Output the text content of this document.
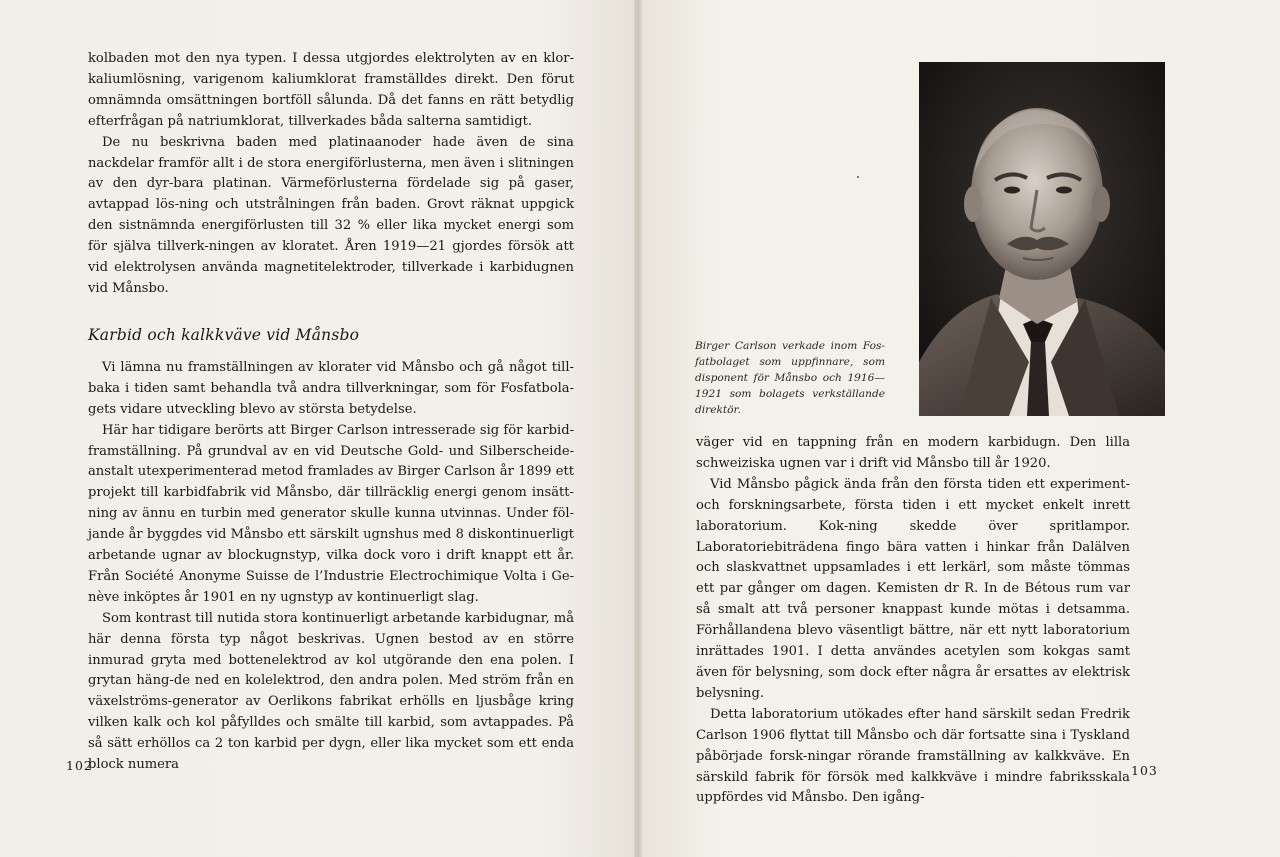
kolbaden mot den nya typen. I dessa utgjordes elektrolyten av en klor-kaliumlösning, varigenom kaliumklorat framställdes direkt. Den förut omnämnda omsättningen bortföll sålunda. Då det fanns en rätt betydlig efterfrågan på natriumklorat, tillverkades båda salterna samtidigt.

De nu beskrivna baden med platinaanoder hade även de sina nackdelar framför allt i de stora energiförlusterna, men även i slitningen av den dyr-bara platinan. Värmeförlusterna fördelade sig på gaser, avtappad lös-ning och utstrålningen från baden. Grovt räknat uppgick den sistnämnda energiförlusten till 32 % eller lika mycket energi som för själva tillverk-ningen av kloratet. Åren 1919—21 gjordes försök att vid elektrolysen använda magnetitelektroder, tillverkade i karbidugnen vid Månsbo.

Karbid och kalkkväve vid Månsbo

Vi lämna nu framställningen av klorater vid Månsbo och gå något till-baka i tiden samt behandla två andra tillverkningar, som för Fosfatbola-gets vidare utveckling blevo av största betydelse.

Här har tidigare berörts att Birger Carlson intresserade sig för karbid-framställning. På grundval av en vid Deutsche Gold- und Silberscheide-anstalt utexperimenterad metod framlades av Birger Carlson år 1899 ett projekt till karbidfabrik vid Månsbo, där tillräcklig energi genom insätt-ning av ännu en turbin med generator skulle kunna utvinnas. Under föl-jande år byggdes vid Månsbo ett särskilt ugnshus med 8 diskontinuerligt arbetande ugnar av blockugnstyp, vilka dock voro i drift knappt ett år. Från Société Anonyme Suisse de l’Industrie Electrochimique Volta i Ge-nève inköptes år 1901 en ny ugnstyp av kontinuerligt slag.

Som kontrast till nutida stora kontinuerligt arbetande karbidugnar, må här denna första typ något beskrivas. Ugnen bestod av en större inmurad gryta med bottenelektrod av kol utgörande den ena polen. I grytan häng-de ned en kolelektrod, den andra polen. Med ström från en växelströms-generator av Oerlikons fabrikat erhölls en ljusbåge kring vilken kalk och kol påfylldes och smälte till karbid, som avtappades. På så sätt erhöllos ca 2 ton karbid per dygn, eller lika mycket som ett enda block numera

102
Birger Carlson verkade inom Fos-fatbolaget som uppfinnare, som disponent för Månsbo och 1916—1921 som bolagets verkställande direktör.

väger vid en tappning från en modern karbidugn. Den lilla schweiziska ugnen var i drift vid Månsbo till år 1920.

Vid Månsbo pågick ända från den första tiden ett experiment- och forskningsarbete, första tiden i ett mycket enkelt inrett laboratorium. Kok-ning skedde över spritlampor. Laboratoriebiträdena fingo bära vatten i hinkar från Dalälven och slaskvattnet uppsamlades i ett lerkärl, som måste tömmas ett par gånger om dagen. Kemisten dr R. In de Bétous rum var så smalt att två personer knappast kunde mötas i detsamma. Förhållandena blevo väsentligt bättre, när ett nytt laboratorium inrättades 1901. I detta användes acetylen som kokgas samt även för belysning, som dock efter några år ersattes av elektrisk belysning.

Detta laboratorium utökades efter hand särskilt sedan Fredrik Carlson 1906 flyttat till Månsbo och där fortsatte sina i Tyskland påbörjade forsk-ningar rörande framställning av kalkkväve. En särskild fabrik för försök med kalkkväve i mindre fabriksskala uppfördes vid Månsbo. Den igång-

103
